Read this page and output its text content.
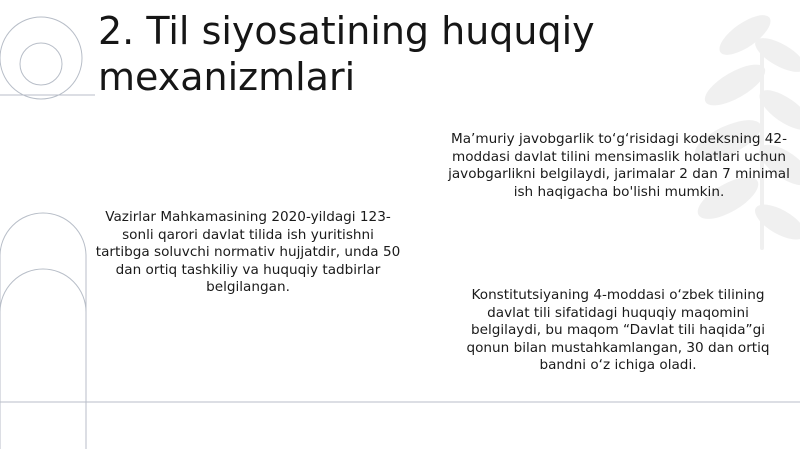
2. Til siyosatining huquqiy mexanizmlari

Vazirlar Mahkamasining 2020-yildagi 123-sonli qarori davlat tilida ish yuritishni tartibga soluvchi normativ hujjatdir, unda 50 dan ortiq tashkiliy va huquqiy tadbirlar belgilangan.

Ma’muriy javobgarlik to‘g‘risidagi kodeksning 42-moddasi davlat tilini mensimaslik holatlari uchun javobgarlikni belgilaydi, jarimalar 2 dan 7 minimal ish haqigacha bo'lishi mumkin.

Konstitutsiyaning 4-moddasi o‘zbek tilining davlat tili sifatidagi huquqiy maqomini belgilaydi, bu maqom “Davlat tili haqida”gi qonun bilan mustahkamlangan, 30 dan ortiq bandni o‘z ichiga oladi.
